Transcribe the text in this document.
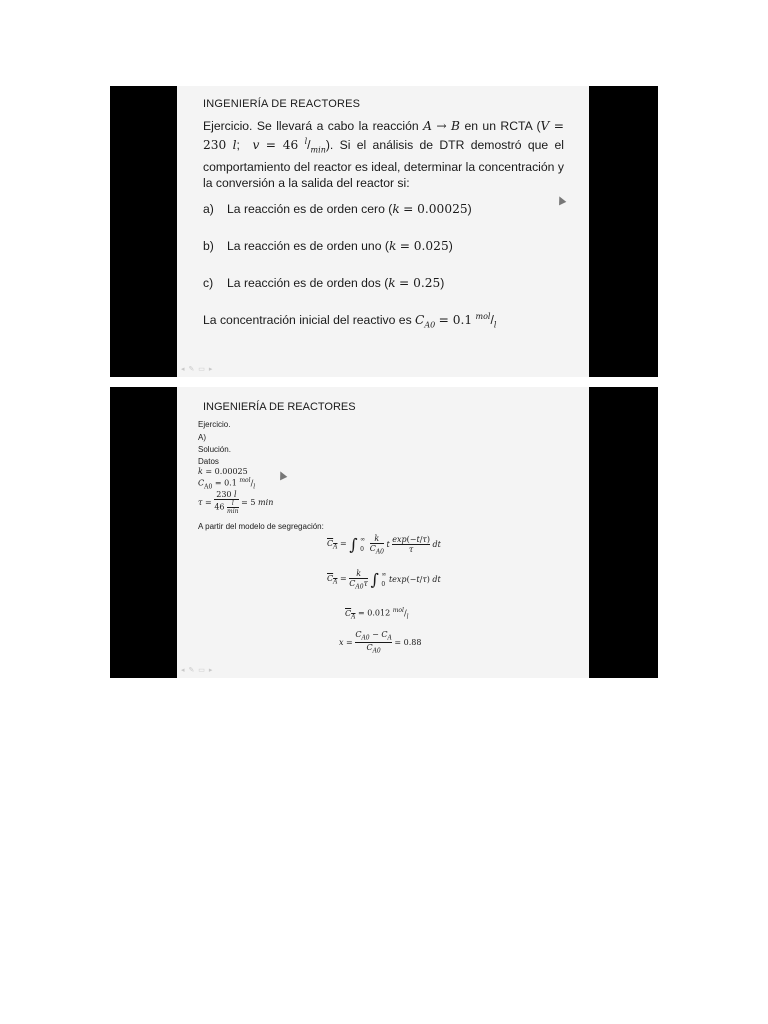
INGENIERÍA DE REACTORES
Ejercicio. Se llevará a cabo la reacción A → B en un RCTA (V = 230 l;  v = 46 $^l/_{min}$). Si el análisis de DTR demostró que el comportamiento del reactor es ideal, determinar la concentración y la conversión a la salida del reactor si:
a) La reacción es de orden cero (k = 0.00025)
b) La reacción es de orden uno (k = 0.025)
c) La reacción es de orden dos (k = 0.25)
La concentración inicial del reactivo es $C_{A0} = 0.1$ $^{mol}/_l$
◂ ✎ ▭ ▸
INGENIERÍA DE REACTORES
Ejercicio.
A)
Solución.
Datos
k = 0.00025
$C_{A0} = 0.1$ $^{mol}/_l$
τ =
230 l
46 l
min
= 5 min
A partir del modelo de segregación:
$C_A$ = ∫ ∞
$0 \frac{k}{C_{A0}}$ t $\frac{\exp(-t/\tau)}{\tau}$ dt
$C_A = \frac{k}{C_{A0}\tau}$ ∫ ∞
0 texp(−t/τ) dt
$C_A = 0.012$ $^{mol}/_l$
$x = \frac{C_{A0} - C_A}{C_{A0}} = 0.88$
◂ ✎ ▭ ▸
